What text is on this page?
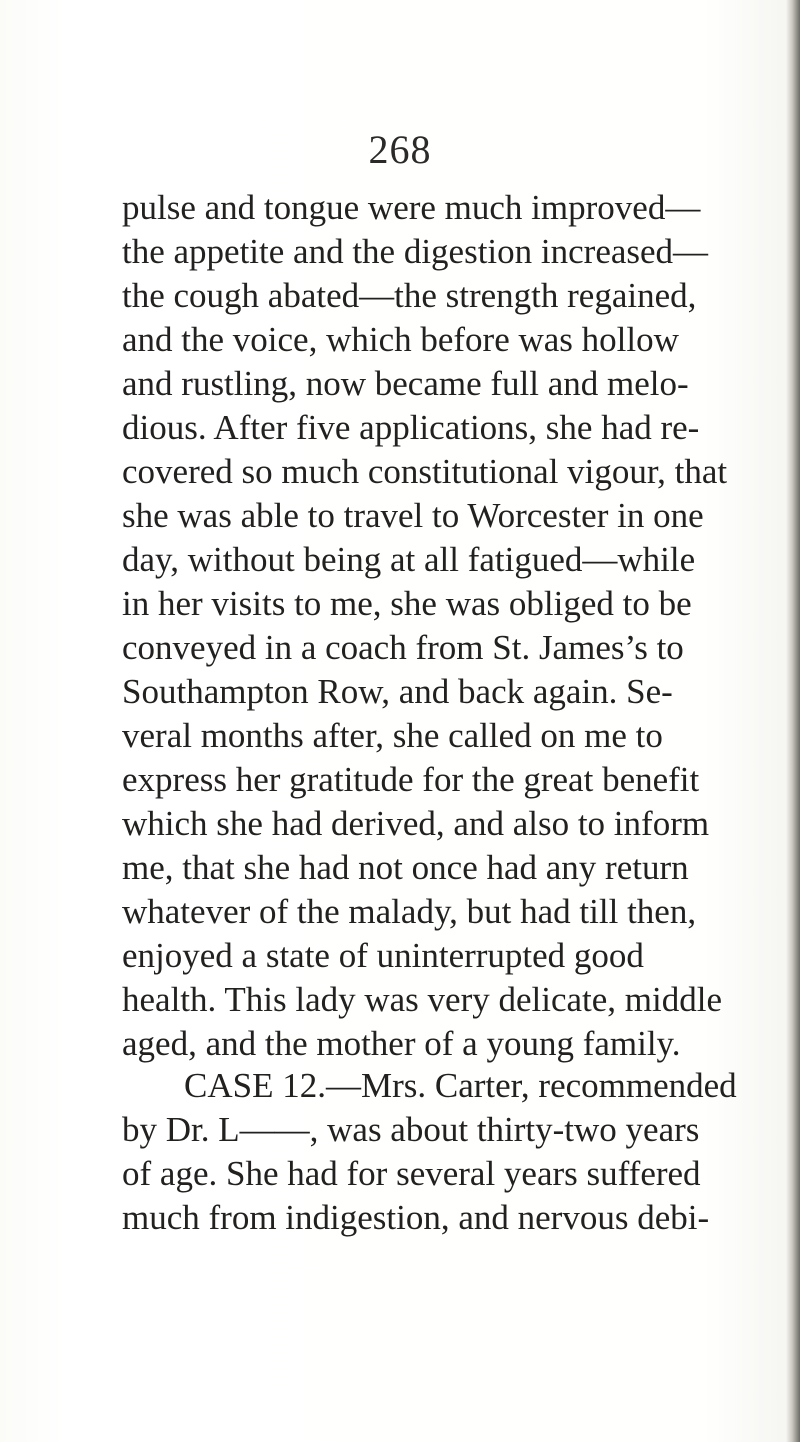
268
pulse and tongue were much improved—
the appetite and the digestion increased—
the cough abated—the strength regained,
and the voice, which before was hollow
and rustling, now became full and melo-
dious. After five applications, she had re-
covered so much constitutional vigour, that
she was able to travel to Worcester in one
day, without being at all fatigued—while
in her visits to me, she was obliged to be
conveyed in a coach from St. James’s to
Southampton Row, and back again. Se-
veral months after, she called on me to
express her gratitude for the great benefit
which she had derived, and also to inform
me, that she had not once had any return
whatever of the malady, but had till then,
enjoyed a state of uninterrupted good
health. This lady was very delicate, middle
aged, and the mother of a young family.
CASE 12.—Mrs. Carter, recommended
by Dr. L——, was about thirty-two years
of age. She had for several years suffered
much from indigestion, and nervous debi-
